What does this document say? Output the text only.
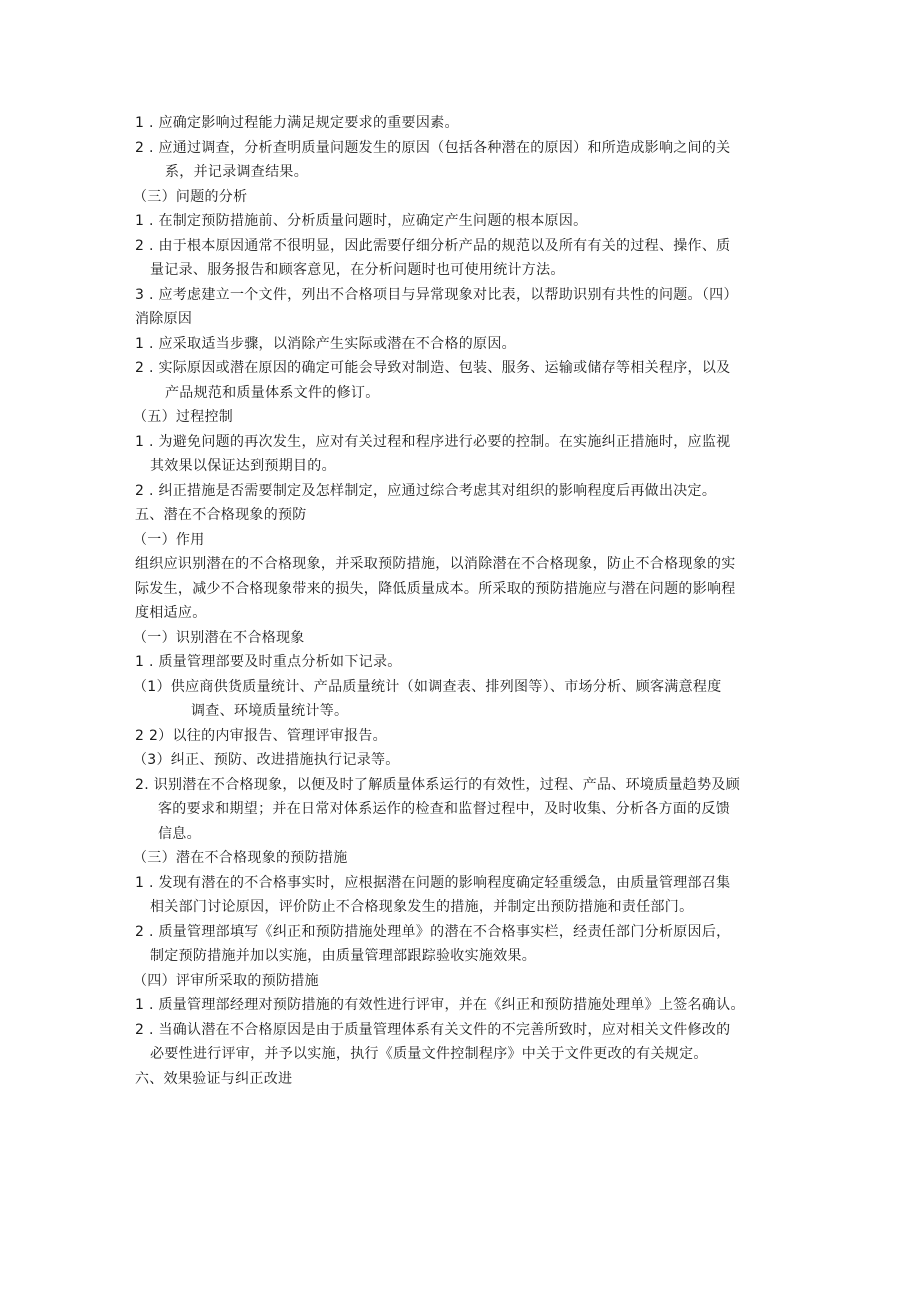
1 . 应确定影响过程能力满足规定要求的重要因素。

2 . 应通过调查，分析查明质量问题发生的原因（包括各种潜在的原因）和所造成影响之间的关

系，并记录调查结果。

（三）问题的分析

1 . 在制定预防措施前、分析质量问题时，应确定产生问题的根本原因。

2 . 由于根本原因通常不很明显，因此需要仔细分析产品的规范以及所有有关的过程、操作、质

量记录、服务报告和顾客意见，在分析问题时也可使用统计方法。

3 . 应考虑建立一个文件，列出不合格项目与异常现象对比表，以帮助识别有共性的问题。（四）

消除原因

1 . 应采取适当步骤，以消除产生实际或潜在不合格的原因。

2 . 实际原因或潜在原因的确定可能会导致对制造、包装、服务、运输或储存等相关程序，以及

产品规范和质量体系文件的修订。

（五）过程控制

1 . 为避免问题的再次发生，应对有关过程和程序进行必要的控制。在实施纠正措施时，应监视

其效果以保证达到预期目的。

2 . 纠正措施是否需要制定及怎样制定，应通过综合考虑其对组织的影响程度后再做出决定。

五、潜在不合格现象的预防

（一）作用

组织应识别潜在的不合格现象，并采取预防措施，以消除潜在不合格现象，防止不合格现象的实

际发生，减少不合格现象带来的损失，降低质量成本。所采取的预防措施应与潜在问题的影响程

度相适应。

（一）识别潜在不合格现象

1 . 质量管理部要及时重点分析如下记录。

（1）供应商供货质量统计、产品质量统计（如调查表、排列图等）、市场分析、顾客满意程度

调查、环境质量统计等。

2 2）以往的内审报告、管理评审报告。

（3）纠正、预防、改进措施执行记录等。

2. 识别潜在不合格现象，以便及时了解质量体系运行的有效性，过程、产品、环境质量趋势及顾

客的要求和期望；并在日常对体系运作的检查和监督过程中，及时收集、分析各方面的反馈

信息。

（三）潜在不合格现象的预防措施

1 . 发现有潜在的不合格事实时，应根据潜在问题的影响程度确定轻重缓急，由质量管理部召集

相关部门讨论原因，评价防止不合格现象发生的措施，并制定出预防措施和责任部门。

2 . 质量管理部填写《纠正和预防措施处理单》的潜在不合格事实栏，经责任部门分析原因后，

制定预防措施并加以实施，由质量管理部跟踪验收实施效果。

（四）评审所采取的预防措施

1 . 质量管理部经理对预防措施的有效性进行评审，并在《纠正和预防措施处理单》上签名确认。

2 . 当确认潜在不合格原因是由于质量管理体系有关文件的不完善所致时，应对相关文件修改的

必要性进行评审，并予以实施，执行《质量文件控制程序》中关于文件更改的有关规定。

六、效果验证与纠正改进
